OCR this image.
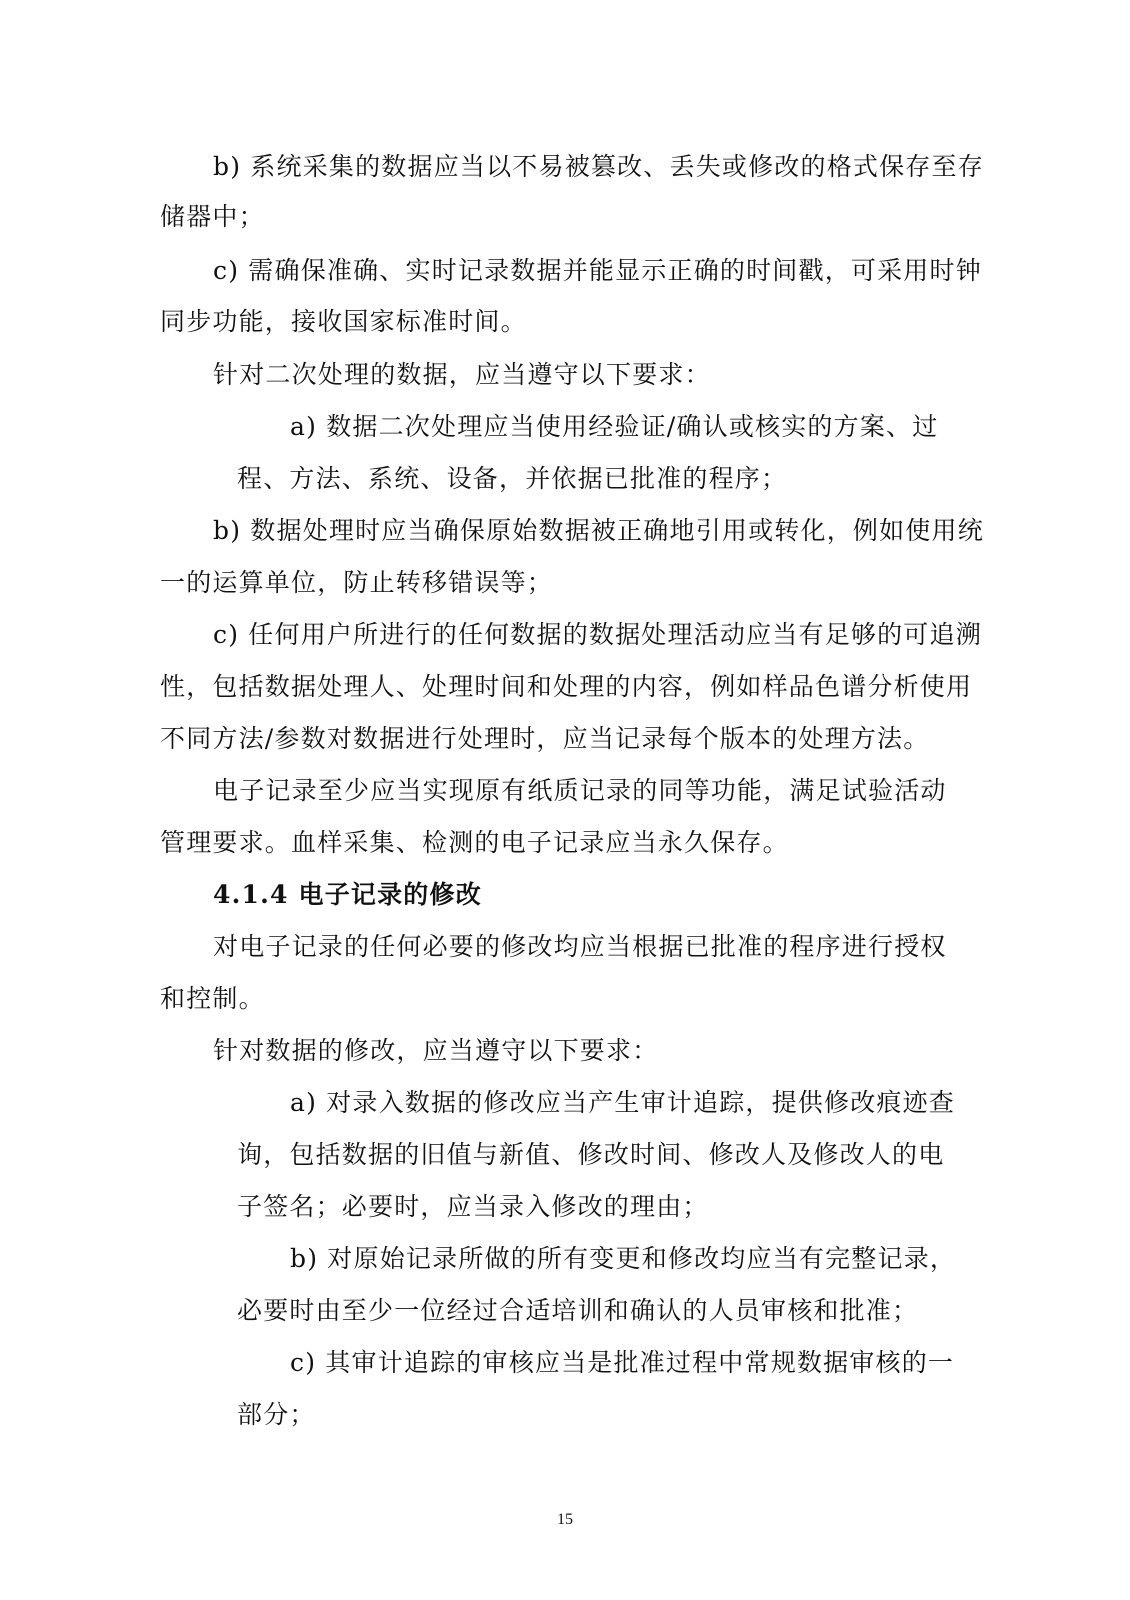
b) 系统采集的数据应当以不易被篡改、丢失或修改的格式保存至存
储器中；
c) 需确保准确、实时记录数据并能显示正确的时间戳，可采用时钟
同步功能，接收国家标准时间。
针对二次处理的数据，应当遵守以下要求：
a) 数据二次处理应当使用经验证/确认或核实的方案、过
程、方法、系统、设备，并依据已批准的程序；
b) 数据处理时应当确保原始数据被正确地引用或转化，例如使用统
一的运算单位，防止转移错误等；
c) 任何用户所进行的任何数据的数据处理活动应当有足够的可追溯
性，包括数据处理人、处理时间和处理的内容，例如样品色谱分析使用
不同方法/参数对数据进行处理时，应当记录每个版本的处理方法。
电子记录至少应当实现原有纸质记录的同等功能，满足试验活动
管理要求。血样采集、检测的电子记录应当永久保存。
4.1.4 电子记录的修改
对电子记录的任何必要的修改均应当根据已批准的程序进行授权
和控制。
针对数据的修改，应当遵守以下要求：
a) 对录入数据的修改应当产生审计追踪，提供修改痕迹查
询，包括数据的旧值与新值、修改时间、修改人及修改人的电
子签名；必要时，应当录入修改的理由；
b) 对原始记录所做的所有变更和修改均应当有完整记录，
必要时由至少一位经过合适培训和确认的人员审核和批准；
c) 其审计追踪的审核应当是批准过程中常规数据审核的一
部分；
15
